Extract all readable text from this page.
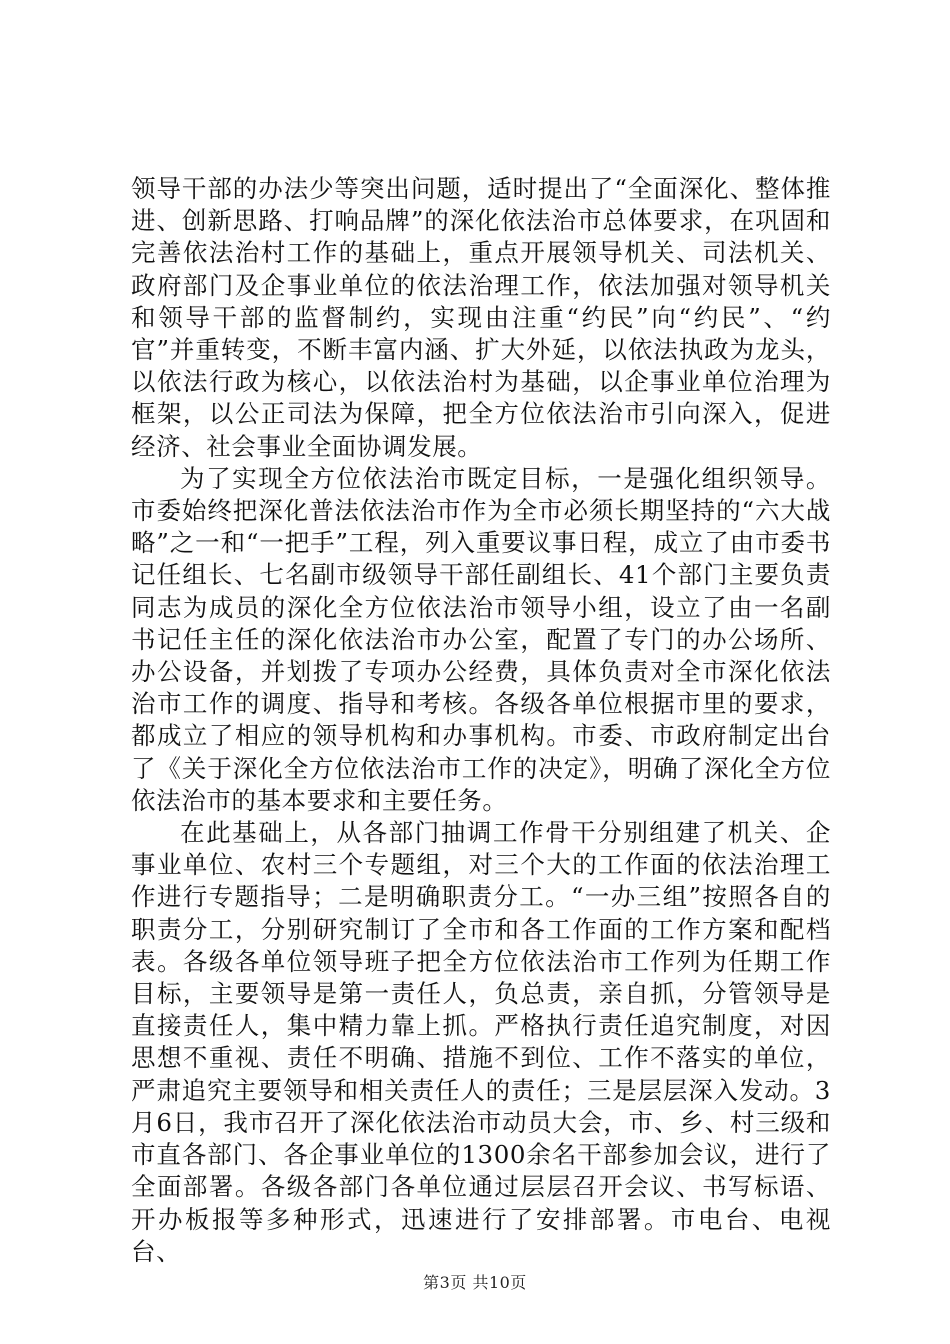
领导干部的办法少等突出问题，适时提出了“全面深化、整体推进、创新思路、打响品牌”的深化依法治市总体要求，在巩固和完善依法治村工作的基础上，重点开展领导机关、司法机关、政府部门及企事业单位的依法治理工作，依法加强对领导机关和领导干部的监督制约，实现由注重“约民”向“约民”、“约官”并重转变，不断丰富内涵、扩大外延，以依法执政为龙头，以依法行政为核心，以依法治村为基础，以企事业单位治理为框架，以公正司法为保障，把全方位依法治市引向深入，促进经济、社会事业全面协调发展。

为了实现全方位依法治市既定目标，一是强化组织领导。市委始终把深化普法依法治市作为全市必须长期坚持的“六大战略”之一和“一把手”工程，列入重要议事日程，成立了由市委书记任组长、七名副市级领导干部任副组长、41个部门主要负责同志为成员的深化全方位依法治市领导小组，设立了由一名副书记任主任的深化依法治市办公室，配置了专门的办公场所、办公设备，并划拨了专项办公经费，具体负责对全市深化依法治市工作的调度、指导和考核。各级各单位根据市里的要求，都成立了相应的领导机构和办事机构。市委、市政府制定出台了《关于深化全方位依法治市工作的决定》，明确了深化全方位依法治市的基本要求和主要任务。

在此基础上，从各部门抽调工作骨干分别组建了机关、企事业单位、农村三个专题组，对三个大的工作面的依法治理工作进行专题指导；二是明确职责分工。“一办三组”按照各自的职责分工，分别研究制订了全市和各工作面的工作方案和配档表。各级各单位领导班子把全方位依法治市工作列为任期工作目标，主要领导是第一责任人，负总责，亲自抓，分管领导是直接责任人，集中精力靠上抓。严格执行责任追究制度，对因思想不重视、责任不明确、措施不到位、工作不落实的单位，严肃追究主要领导和相关责任人的责任；三是层层深入发动。3月6日，我市召开了深化依法治市动员大会，市、乡、村三级和市直各部门、各企事业单位的1300余名干部参加会议，进行了全面部署。各级各部门各单位通过层层召开会议、书写标语、开办板报等多种形式，迅速进行了安排部署。市电台、电视台、

第3页 共10页
